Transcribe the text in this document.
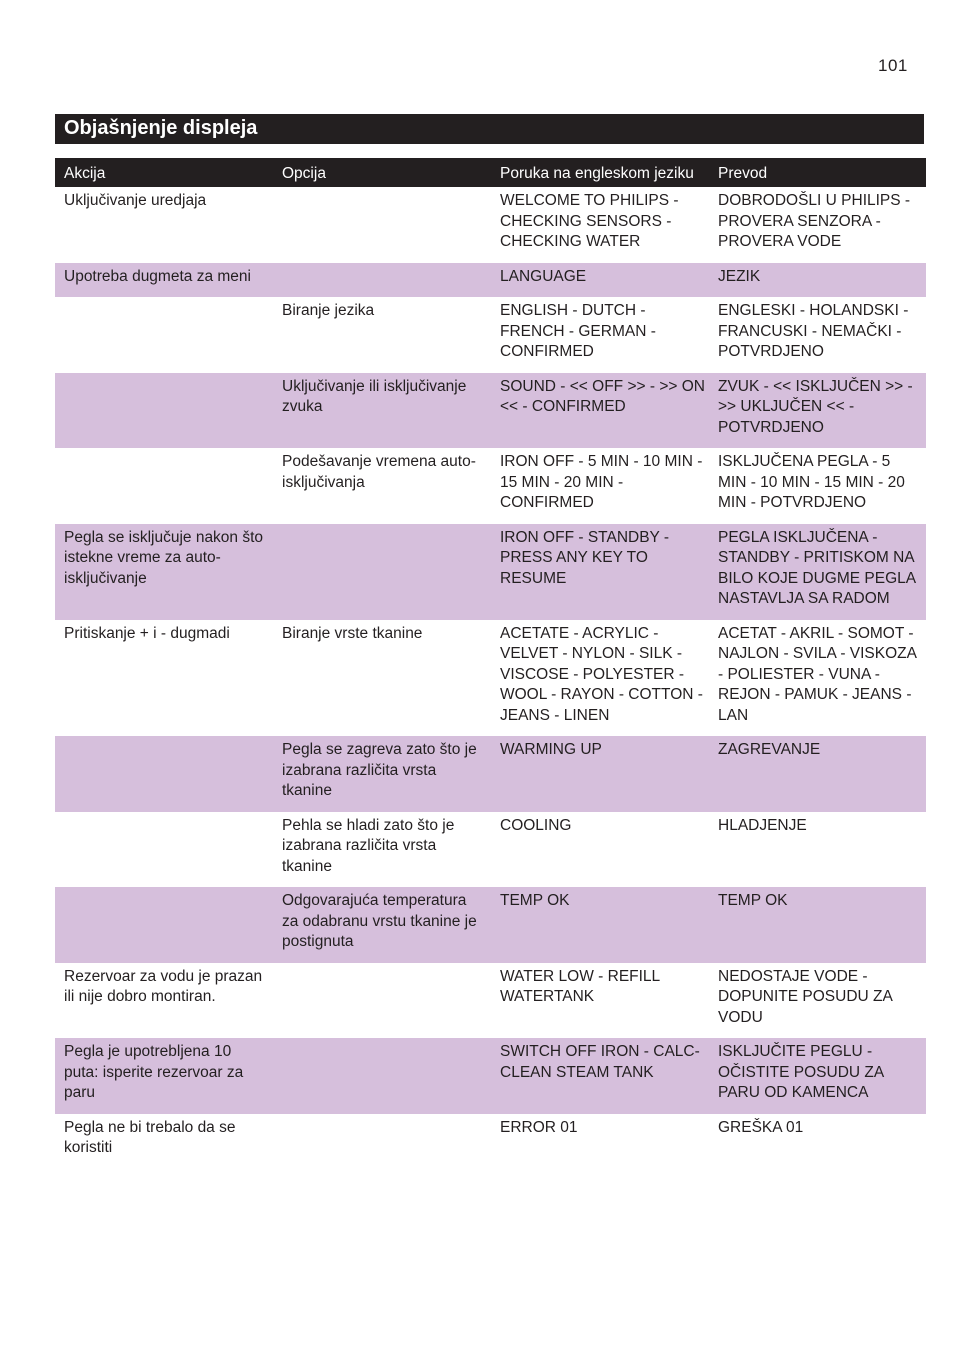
101
Objašnjenje displeja
Akcija	Opcija	Poruka na engleskom jeziku	Prevod
Uključivanje uredjaja		WELCOME TO PHILIPS - CHECKING SENSORS - CHECKING WATER	DOBRODOŠLI U PHILIPS - PROVERA SENZORA - PROVERA VODE
Upotreba dugmeta za meni		LANGUAGE	JEZIK
	Biranje jezika	ENGLISH - DUTCH - FRENCH - GERMAN - CONFIRMED	ENGLESKI - HOLANDSKI - FRANCUSKI - NEMAČKI - POTVRDJENO
	Uključivanje ili isključivanje zvuka	SOUND - << OFF >> - >> ON << - CONFIRMED	ZVUK - << ISKLJUČEN >> - >> UKLJUČEN << - POTVRDJENO
	Podešavanje vremena auto-isključivanja	IRON OFF - 5 MIN - 10 MIN - 15 MIN - 20 MIN - CONFIRMED	ISKLJUČENA PEGLA - 5 MIN - 10 MIN - 15 MIN - 20 MIN - POTVRDJENO
Pegla se isključuje nakon što istekne vreme za auto-isključivanje		IRON OFF - STANDBY - PRESS ANY KEY TO RESUME	PEGLA ISKLJUČENA - STANDBY - PRITISKOM NA BILO KOJE DUGME PEGLA NASTAVLJA SA RADOM
Pritiskanje + i - dugmadi	Biranje vrste tkanine	ACETATE - ACRYLIC - VELVET - NYLON - SILK - VISCOSE - POLYESTER - WOOL - RAYON - COTTON - JEANS - LINEN	ACETAT - AKRIL - SOMOT - NAJLON - SVILA - VISKOZA - POLIESTER - VUNA - REJON - PAMUK - JEANS - LAN
	Pegla se zagreva zato što je izabrana različita vrsta tkanine	WARMING UP	ZAGREVANJE
	Pehla se hladi zato što je izabrana različita vrsta tkanine	COOLING	HLADJENJE
	Odgovarajuća temperatura za odabranu vrstu tkanine je postignuta	TEMP OK	TEMP OK
Rezervoar za vodu je prazan ili nije dobro montiran.		WATER LOW - REFILL WATERTANK	NEDOSTAJE VODE - DOPUNITE POSUDU ZA VODU
Pegla je upotrebljena 10 puta: isperite rezervoar za paru		SWITCH OFF IRON - CALC-CLEAN STEAM TANK	ISKLJUČITE PEGLU - OČISTITE POSUDU ZA PARU OD KAMENCA
Pegla ne bi trebalo da se koristiti		ERROR 01	GREŠKA 01
